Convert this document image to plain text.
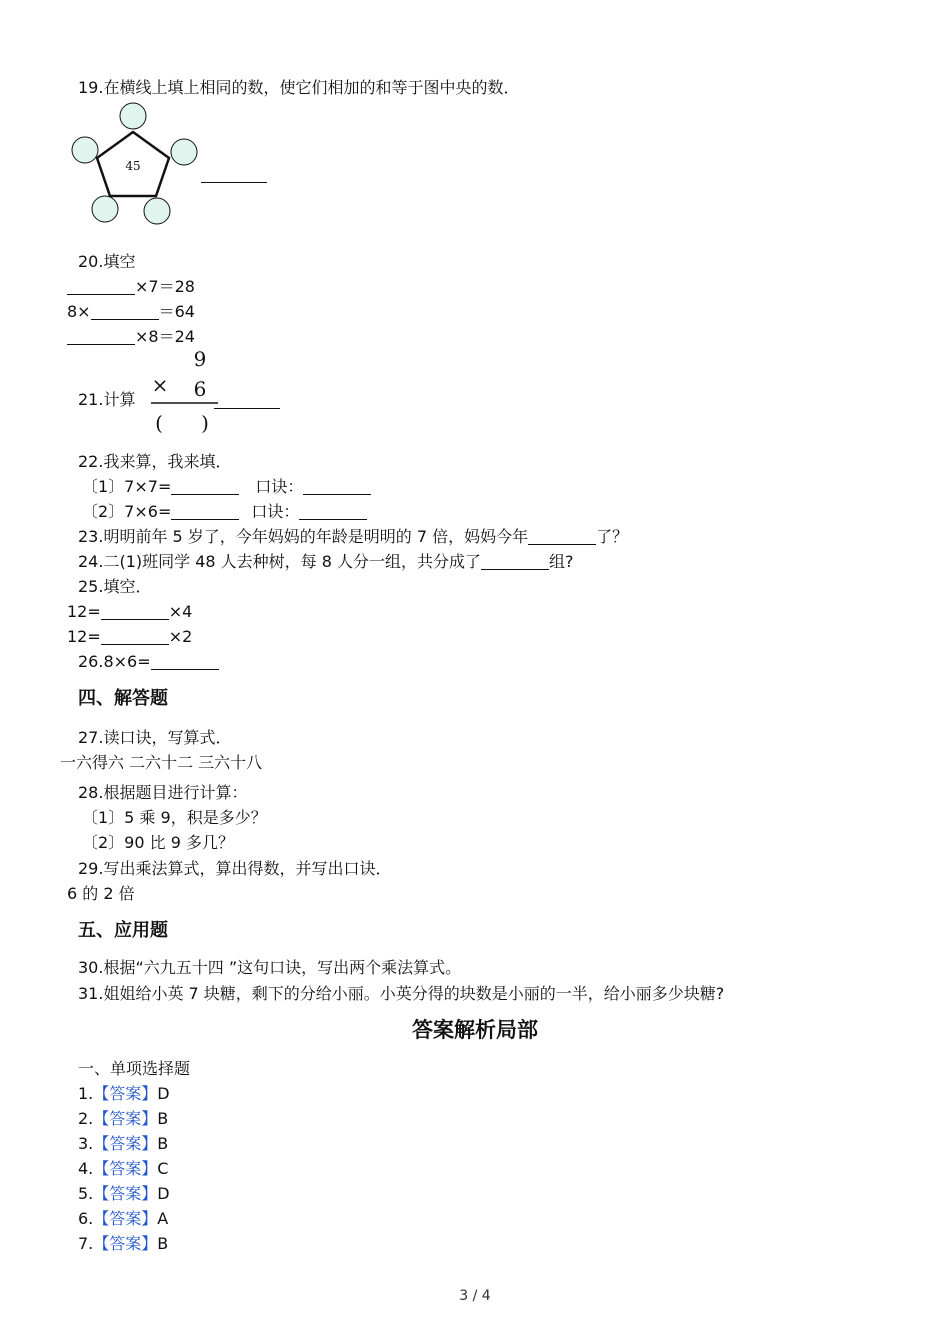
19.在横线上填上相同的数，使它们相加的和等于图中央的数．
45
20.填空
×7＝28
8×	＝64
×8＝24
21.计算
9
× 6
(      )
22.我来算，我来填．
〔1〕7×7=	口诀：
〔2〕7×6=	口诀：
23.明明前年 5 岁了，今年妈妈的年龄是明明的 7 倍，妈妈今年	了？
24.二(1)班同学 48 人去种树，每 8 人分一组，共分成了	组?
25.填空．
12=	×4
12=	×2
26.8×6=
四、解答题
27.读口诀，写算式．
一六得六 二六十二 三六十八
28.根据题目进行计算：
〔1〕5 乘 9，积是多少？
〔2〕90 比 9 多几？
29.写出乘法算式，算出得数，并写出口诀．
6 的 2 倍
五、应用题
30.根据“六九五十四 ”这句口诀，写出两个乘法算式。
31.姐姐给小英 7 块糖，剩下的分给小丽。小英分得的块数是小丽的一半，给小丽多少块糖?
答案解析局部
一、单项选择题
1.【答案】D
2.【答案】B
3.【答案】B
4.【答案】C
5.【答案】D
6.【答案】A
7.【答案】B
3 / 4
